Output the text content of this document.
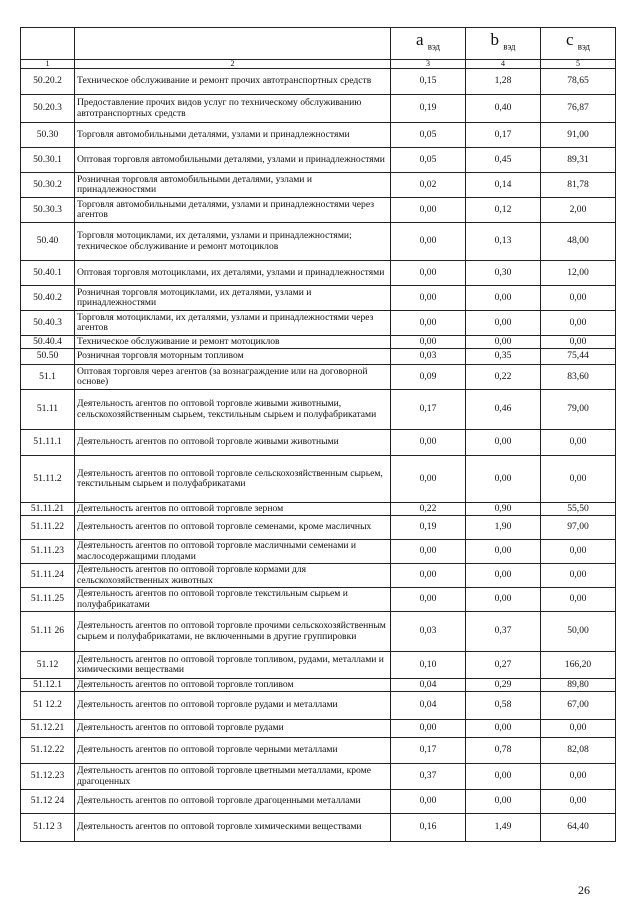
		a $_{вэд}$	b $_{вэд}$	c $_{вэд}$
1	2	3	4	5
50.20.2	Техническое обслуживание и ремонт прочих автотранспортных средств	0,15	1,28	78,65
50.20.3	Предоставление прочих видов услуг по техническому обслуживанию автотранспортных средств	0,19	0,40	76,87
50.30	Торговля автомобильными деталями, узлами и принадлежностями	0,05	0,17	91,00
50.30.1	Оптовая торговля автомобильными деталями, узлами и принадлежностями	0,05	0,45	89,31
50.30.2	Розничная торговля автомобильными деталями, узлами и принадлежностями	0,02	0,14	81,78
50.30.3	Торговля автомобильными деталями, узлами и принадлежностями через агентов	0,00	0,12	2,00
50.40	Торговля мотоциклами, их деталями, узлами и принадлежностями; техническое обслуживание и ремонт мотоциклов	0,00	0,13	48,00
50.40.1	Оптовая торговля мотоциклами, их деталями, узлами и принадлежностями	0,00	0,30	12,00
50.40.2	Розничная торговля мотоциклами, их деталями, узлами и принадлежностями	0,00	0,00	0,00
50.40.3	Торговля мотоциклами, их деталями, узлами и принадлежностями через агентов	0,00	0,00	0,00
50.40.4	Техническое обслуживание и ремонт мотоциклов	0,00	0,00	0,00
50.50	Розничная торговля моторным топливом	0,03	0,35	75,44
51.1	Оптовая торговля через агентов (за вознаграждение или на договорной основе)	0,09	0,22	83,60
51.11	Деятельность агентов по оптовой торговле живыми животными, сельскохозяйственным сырьем, текстильным сырьем и полуфабрикатами	0,17	0,46	79,00
51.11.1	Деятельность агентов по оптовой торговле живыми животными	0,00	0,00	0,00
51.11.2	Деятельность агентов по оптовой торговле сельскохозяйственным сырьем, текстильным сырьем и полуфабрикатами	0,00	0,00	0,00
51.11.21	Деятельность агентов по оптовой торговле зерном	0,22	0,90	55,50
51.11.22	Деятельность агентов по оптовой торговле семенами, кроме масличных	0,19	1,90	97,00
51.11.23	Деятельность агентов по оптовой торговле масличными семенами и маслосодержащими плодами	0,00	0,00	0,00
51.11.24	Деятельность агентов по оптовой торговле кормами для сельскохозяйственных животных	0,00	0,00	0,00
51.11.25	Деятельность агентов по оптовой торговле текстильным сырьем и полуфабрикатами	0,00	0,00	0,00
51.11 26	Деятельность агентов по оптовой торговле прочими сельскохозяйственным сырьем и полуфабрикатами, не включенными в другие группировки	0,03	0,37	50,00
51.12	Деятельность агентов по оптовой торговле топливом, рудами, металлами и химическими веществами	0,10	0,27	166,20
51.12.1	Деятельность агентов по оптовой торговле топливом	0,04	0,29	89,80
51 12.2	Деятельность агентов по оптовой торговле рудами и металлами	0,04	0,58	67,00
51.12.21	Деятельность агентов по оптовой торговле рудами	0,00	0,00	0,00
51.12.22	Деятельность агентов по оптовой торговле черными металлами	0,17	0,78	82,08
51.12.23	Деятельность агентов по оптовой торговле цветными металлами, кроме драгоценных	0,37	0,00	0,00
51.12 24	Деятельность агентов по оптовой торговле драгоценными металлами	0,00	0,00	0,00
51.12 3	Деятельность агентов по оптовой торговле химическими веществами	0,16	1,49	64,40
26
